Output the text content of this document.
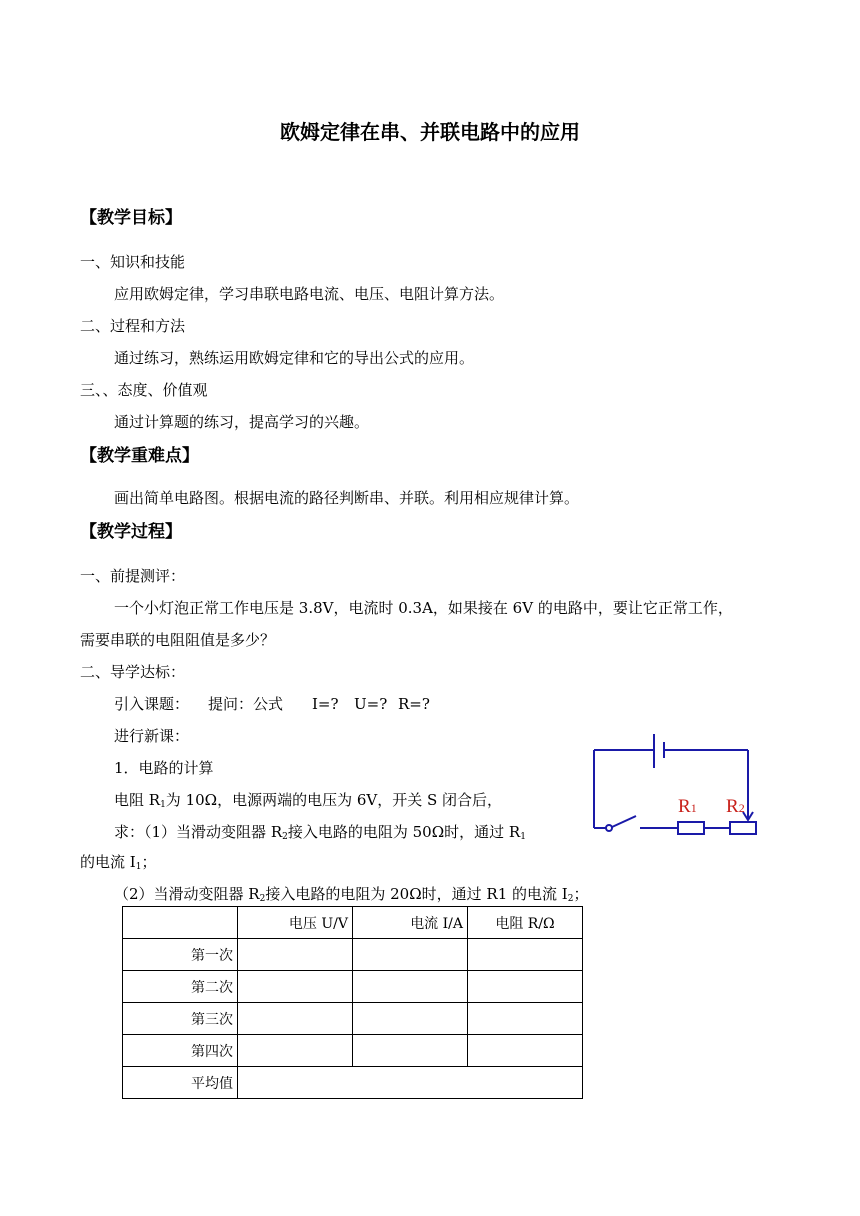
欧姆定律在串、并联电路中的应用
【教学目标】
一、知识和技能
应用欧姆定律，学习串联电路电流、电压、电阻计算方法。
二、过程和方法
通过练习，熟练运用欧姆定律和它的导出公式的应用。
三、、态度、价值观
通过计算题的练习，提高学习的兴趣。
【教学重难点】
画出简单电路图。根据电流的路径判断串、并联。利用相应规律计算。
【教学过程】
一、前提测评：
一个小灯泡正常工作电压是 3.8V，电流时 0.3A，如果接在 6V 的电路中，要让它正常工作，
需要串联的电阻阻值是多少？
二、导学达标：
引入课题： 提问：公式 I=? U=? R=?
进行新课：
1．电路的计算
电阻 $R_1$为 10Ω，电源两端的电压为 6V，开关 S 闭合后，
求：（1）当滑动变阻器 $R_2$接入电路的电阻为 50Ω时，通过 $R_1$
的电流 $I_1$；
（2）当滑动变阻器 $R_2$接入电路的电阻为 20Ω时，通过 R1 的电流 $I_2$；
R1 R2
	电压 U/V	电流 I/A	电阻 R/Ω
第一次			
第二次			
第三次			
第四次			
平均值			
